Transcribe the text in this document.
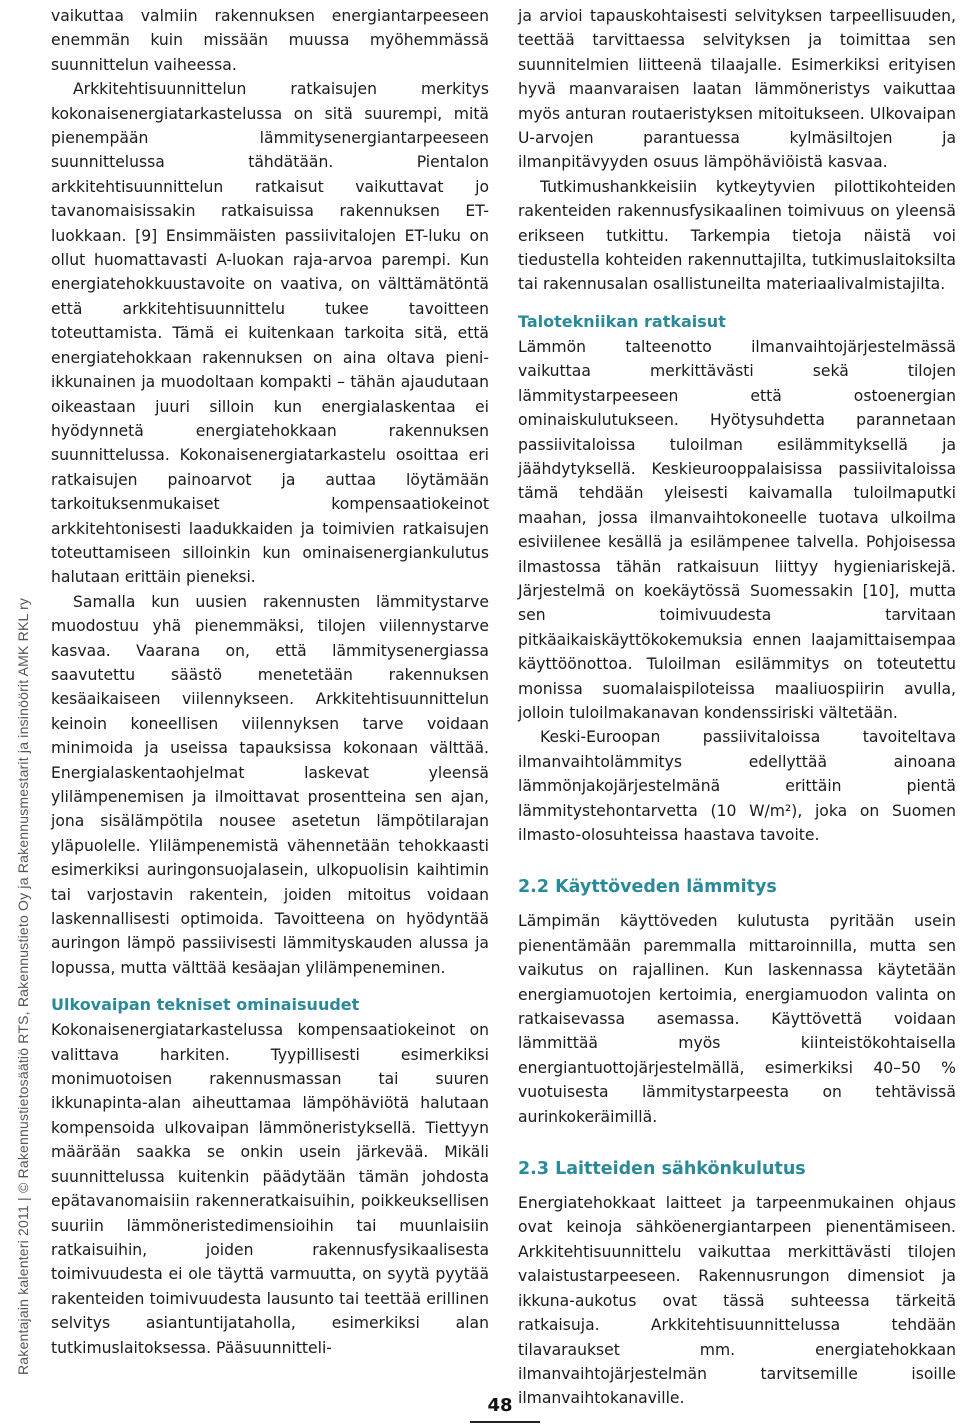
Rakentajain kalenteri 2011 | © Rakennustietosäätiö RTS, Rakennustieto Oy ja Rakennusmestarit ja insinöörit AMK RKL ry

vaikuttaa valmiin rakennuksen energiantarpeeseen enemmän kuin missään muussa myöhemmässä suunnittelun vaiheessa.

Arkkitehtisuunnittelun ratkaisujen merkitys kokonaisenergiatarkastelussa on sitä suurempi, mitä pienempään lämmitysenergiantarpeeseen suunnittelussa tähdätään. Pientalon arkkitehtisuunnittelun ratkaisut vaikuttavat jo tavanomaisissakin ratkaisuissa rakennuksen ET-luokkaan. [9] Ensimmäisten passiivitalojen ET-luku on ollut huomattavasti A-luokan raja-arvoa parempi. Kun energiatehokkuustavoite on vaativa, on välttämätöntä että arkkitehtisuunnittelu tukee tavoitteen toteuttamista. Tämä ei kuitenkaan tarkoita sitä, että energiatehokkaan rakennuksen on aina oltava pieni-ikkunainen ja muodoltaan kompakti – tähän ajaudutaan oikeastaan juuri silloin kun energialaskentaa ei hyödynnetä energiatehokkaan rakennuksen suunnittelussa. Kokonaisenergiatarkastelu osoittaa eri ratkaisujen painoarvot ja auttaa löytämään tarkoituksenmukaiset kompensaatiokeinot arkkitehtonisesti laadukkaiden ja toimivien ratkaisujen toteuttamiseen silloinkin kun ominaisenergiankulutus halutaan erittäin pieneksi.

Samalla kun uusien rakennusten lämmitystarve muodostuu yhä pienemmäksi, tilojen viilennystarve kasvaa. Vaarana on, että lämmitysenergiassa saavutettu säästö menetetään rakennuksen kesäaikaiseen viilennykseen. Arkkitehtisuunnittelun keinoin koneellisen viilennyksen tarve voidaan minimoida ja useissa tapauksissa kokonaan välttää. Energialaskentaohjelmat laskevat yleensä ylilämpenemisen ja ilmoittavat prosentteina sen ajan, jona sisälämpötila nousee asetetun lämpötilarajan yläpuolelle. Ylilämpenemistä vähennetään tehokkaasti esimerkiksi auringonsuojalasein, ulkopuolisin kaihtimin tai varjostavin rakentein, joiden mitoitus voidaan laskennallisesti optimoida. Tavoitteena on hyödyntää auringon lämpö passiivisesti lämmityskauden alussa ja lopussa, mutta välttää kesäajan ylilämpeneminen.

Ulkovaipan tekniset ominaisuudet

Kokonaisenergiatarkastelussa kompensaatiokeinot on valittava harkiten. Tyypillisesti esimerkiksi monimuotoisen rakennusmassan tai suuren ikkunapinta-alan aiheuttamaa lämpöhäviötä halutaan kompensoida ulkovaipan lämmöneristyksellä. Tiettyyn määrään saakka se onkin usein järkevää. Mikäli suunnittelussa kuitenkin päädytään tämän johdosta epätavanomaisiin rakenneratkaisuihin, poikkeuksellisen suuriin lämmöneristedimensioihin tai muunlaisiin ratkaisuihin, joiden rakennusfysikaalisesta toimivuudesta ei ole täyttä varmuutta, on syytä pyytää rakenteiden toimivuudesta lausunto tai teettää erillinen selvitys asiantuntijataholla, esimerkiksi alan tutkimuslaitoksessa. Pääsuunnitteli-

ja arvioi tapauskohtaisesti selvityksen tarpeellisuuden, teettää tarvittaessa selvityksen ja toimittaa sen suunnitelmien liitteenä tilaajalle. Esimerkiksi erityisen hyvä maanvaraisen laatan lämmöneristys vaikuttaa myös anturan routaeristyksen mitoitukseen. Ulkovaipan U-arvojen parantuessa kylmäsiltojen ja ilmanpitävyyden osuus lämpöhäviöistä kasvaa.

Tutkimushankkeisiin kytkeytyvien pilottikohteiden rakenteiden rakennusfysikaalinen toimivuus on yleensä erikseen tutkittu. Tarkempia tietoja näistä voi tiedustella kohteiden rakennuttajilta, tutkimuslaitoksilta tai rakennusalan osallistuneilta materiaalivalmistajilta.

Talotekniikan ratkaisut

Lämmön talteenotto ilmanvaihtojärjestelmässä vaikuttaa merkittävästi sekä tilojen lämmitystarpeeseen että ostoenergian ominaiskulutukseen. Hyötysuhdetta parannetaan passiivitaloissa tuloilman esilämmityksellä ja jäähdytyksellä. Keskieurooppalaisissa passiivitaloissa tämä tehdään yleisesti kaivamalla tuloilmaputki maahan, jossa ilmanvaihtokoneelle tuotava ulkoilma esiviilenee kesällä ja esilämpenee talvella. Pohjoisessa ilmastossa tähän ratkaisuun liittyy hygieniariskejä. Järjestelmä on koekäytössä Suomessakin [10], mutta sen toimivuudesta tarvitaan pitkäaikaiskäyttökokemuksia ennen laajamittaisempaa käyttöönottoa. Tuloilman esilämmitys on toteutettu monissa suomalaispiloteissa maaliuospiirin avulla, jolloin tuloilmakanavan kondenssiriski vältetään.

Keski-Euroopan passiivitaloissa tavoiteltava ilmanvaihtolämmitys edellyttää ainoana lämmönjakojärjestelmänä erittäin pientä lämmitystehontarvetta (10 W/m²), joka on Suomen ilmasto-olosuhteissa haastava tavoite.

2.2 Käyttöveden lämmitys

Lämpimän käyttöveden kulutusta pyritään usein pienentämään paremmalla mittaroinnilla, mutta sen vaikutus on rajallinen. Kun laskennassa käytetään energiamuotojen kertoimia, energiamuodon valinta on ratkaisevassa asemassa. Käyttövettä voidaan lämmittää myös kiinteistökohtaisella energiantuottojärjestelmällä, esimerkiksi 40–50 % vuotuisesta lämmitystarpeesta on tehtävissä aurinkokeräimillä.

2.3 Laitteiden sähkönkulutus

Energiatehokkaat laitteet ja tarpeenmukainen ohjaus ovat keinoja sähköenergiantarpeen pienentämiseen. Arkkitehtisuunnittelu vaikuttaa merkittävästi tilojen valaistustarpeeseen. Rakennusrungon dimensiot ja ikkuna-aukotus ovat tässä suhteessa tärkeitä ratkaisuja. Arkkitehtisuunnittelussa tehdään tilavaraukset mm. energiatehokkaan ilmanvaihtojärjestelmän tarvitsemille isoille ilmanvaihtokanaville.

48
